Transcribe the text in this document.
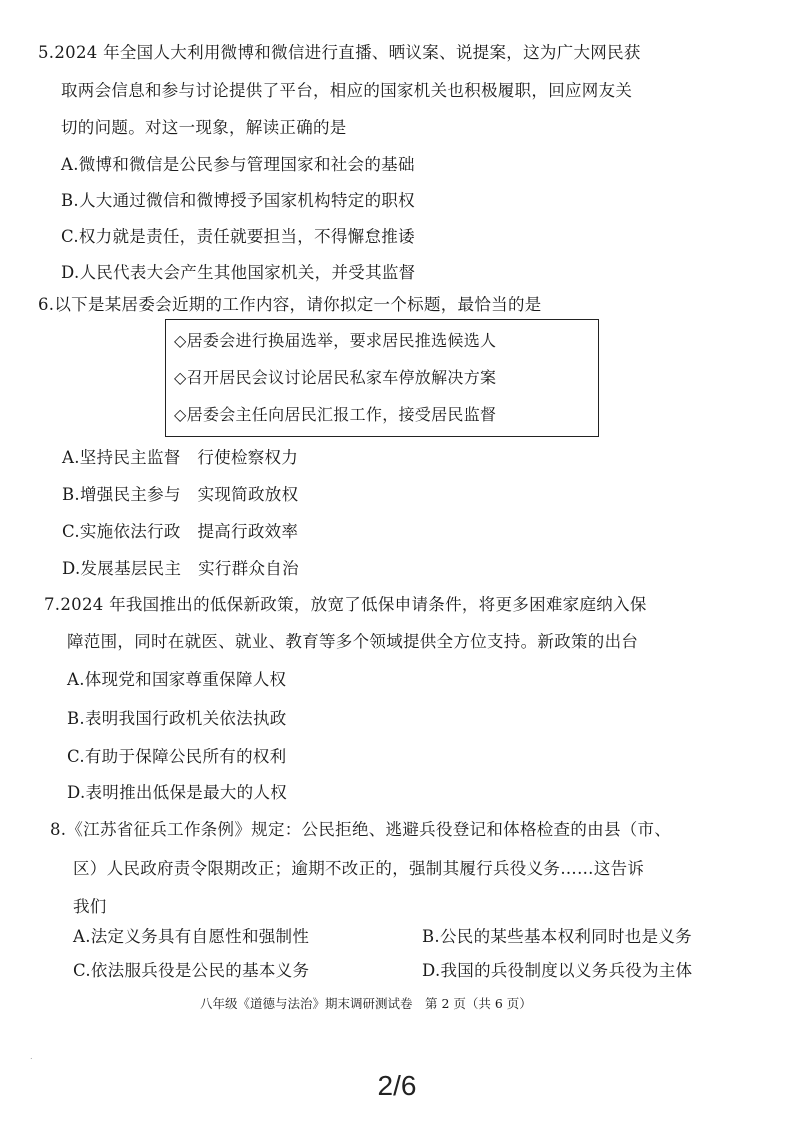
5.2024 年全国人大利用微博和微信进行直播、晒议案、说提案，这为广大网民获
取两会信息和参与讨论提供了平台，相应的国家机关也积极履职，回应网友关
切的问题。对这一现象，解读正确的是
A.微博和微信是公民参与管理国家和社会的基础
B.人大通过微信和微博授予国家机构特定的职权
C.权力就是责任，责任就要担当，不得懈怠推诿
D.人民代表大会产生其他国家机关，并受其监督
6.以下是某居委会近期的工作内容，请你拟定一个标题，最恰当的是
◇居委会进行换届选举，要求居民推选候选人
◇召开居民会议讨论居民私家车停放解决方案
◇居委会主任向居民汇报工作，接受居民监督
A.坚持民主监督　行使检察权力
B.增强民主参与　实现简政放权
C.实施依法行政　提高行政效率
D.发展基层民主　实行群众自治
7.2024 年我国推出的低保新政策，放宽了低保申请条件，将更多困难家庭纳入保
障范围，同时在就医、就业、教育等多个领域提供全方位支持。新政策的出台
A.体现党和国家尊重保障人权
B.表明我国行政机关依法执政
C.有助于保障公民所有的权利
D.表明推出低保是最大的人权
8.《江苏省征兵工作条例》规定：公民拒绝、逃避兵役登记和体格检查的由县（市、
区）人民政府责令限期改正；逾期不改正的，强制其履行兵役义务……这告诉
我们
A.法定义务具有自愿性和强制性	B.公民的某些基本权利同时也是义务
C.依法服兵役是公民的基本义务	D.我国的兵役制度以义务兵役为主体
八年级《道德与法治》期末调研测试卷　第 2 页（共 6 页）
.
2/6
